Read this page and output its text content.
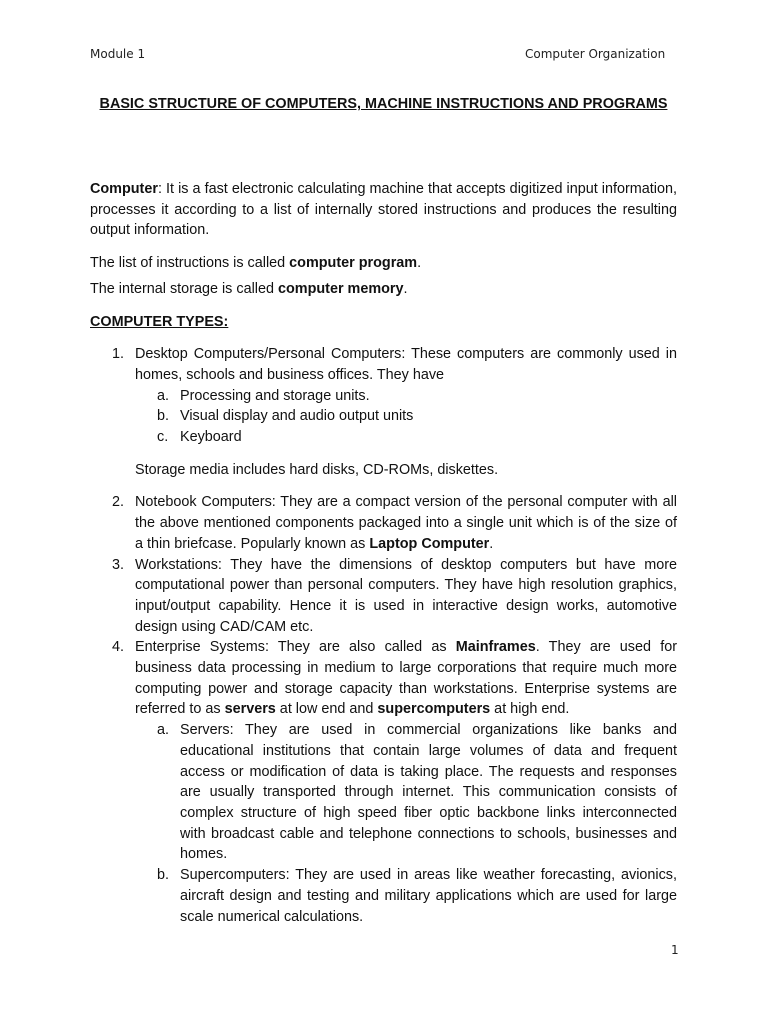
Module 1	Computer Organization
BASIC STRUCTURE OF COMPUTERS, MACHINE INSTRUCTIONS AND PROGRAMS

Computer: It is a fast electronic calculating machine that accepts digitized input information, processes it according to a list of internally stored instructions and produces the resulting output information.

The list of instructions is called computer program.

The internal storage is called computer memory.

COMPUTER TYPES:

1. Desktop Computers/Personal Computers: These computers are commonly used in homes, schools and business offices. They have
a. Processing and storage units.
b. Visual display and audio output units
c. Keyboard

Storage media includes hard disks, CD-ROMs, diskettes.

2. Notebook Computers: They are a compact version of the personal computer with all the above mentioned components packaged into a single unit which is of the size of a thin briefcase. Popularly known as Laptop Computer.
3. Workstations: They have the dimensions of desktop computers but have more computational power than personal computers. They have high resolution graphics, input/output capability. Hence it is used in interactive design works, automotive design using CAD/CAM etc.
4. Enterprise Systems: They are also called as Mainframes. They are used for business data processing in medium to large corporations that require much more computing power and storage capacity than workstations. Enterprise systems are referred to as servers at low end and supercomputers at high end.
a. Servers: They are used in commercial organizations like banks and educational institutions that contain large volumes of data and frequent access or modification of data is taking place. The requests and responses are usually transported through internet. This communication consists of complex structure of high speed fiber optic backbone links interconnected with broadcast cable and telephone connections to schools, businesses and homes.
b. Supercomputers: They are used in areas like weather forecasting, avionics, aircraft design and testing and military applications which are used for large scale numerical calculations.
1
